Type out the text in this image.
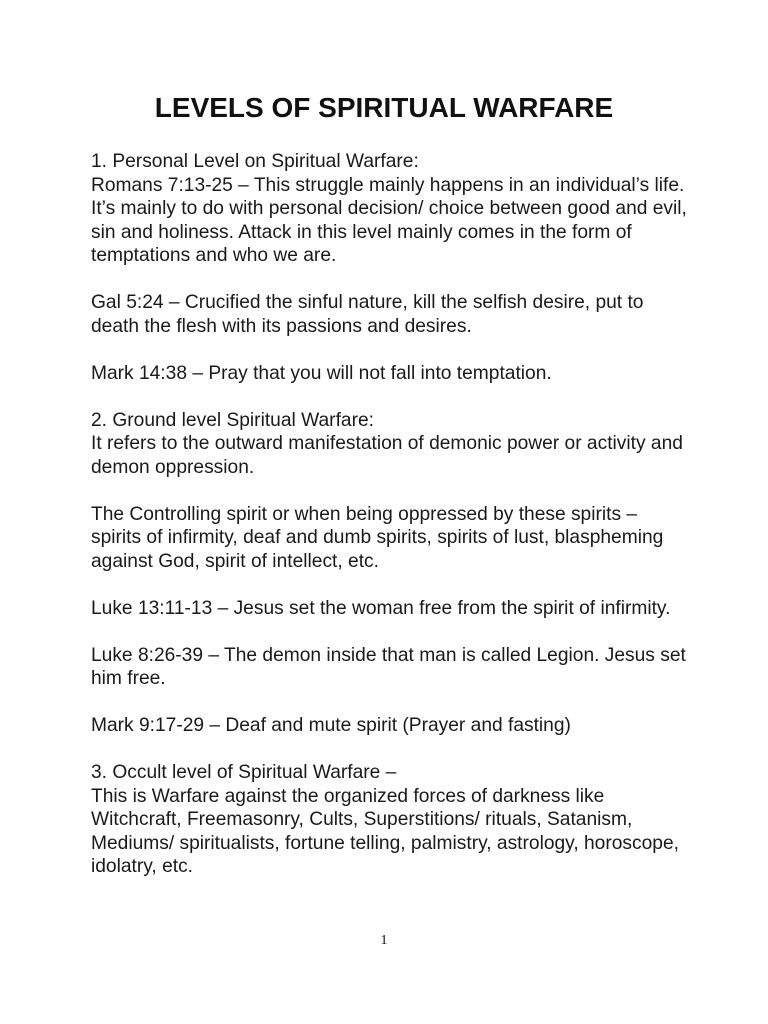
LEVELS OF SPIRITUAL WARFARE

1. Personal Level on Spiritual Warfare:

Romans 7:13-25 – This struggle mainly happens in an individual’s life. It’s mainly to do with personal decision/ choice between good and evil, sin and holiness. Attack in this level mainly comes in the form of temptations and who we are.

Gal 5:24 – Crucified the sinful nature, kill the selfish desire, put to death the flesh with its passions and desires.

Mark 14:38 – Pray that you will not fall into temptation.

2. Ground level Spiritual Warfare:

It refers to the outward manifestation of demonic power or activity and demon oppression.

The Controlling spirit or when being oppressed by these spirits – spirits of infirmity, deaf and dumb spirits, spirits of lust, blaspheming against God, spirit of intellect, etc.

Luke 13:11-13 – Jesus set the woman free from the spirit of infirmity.

Luke 8:26-39 – The demon inside that man is called Legion. Jesus set him free.

Mark 9:17-29 – Deaf and mute spirit (Prayer and fasting)

3. Occult level of Spiritual Warfare –

This is Warfare against the organized forces of darkness like Witchcraft, Freemasonry, Cults, Superstitions/ rituals, Satanism, Mediums/ spiritualists, fortune telling, palmistry, astrology, horoscope, idolatry, etc.

1
